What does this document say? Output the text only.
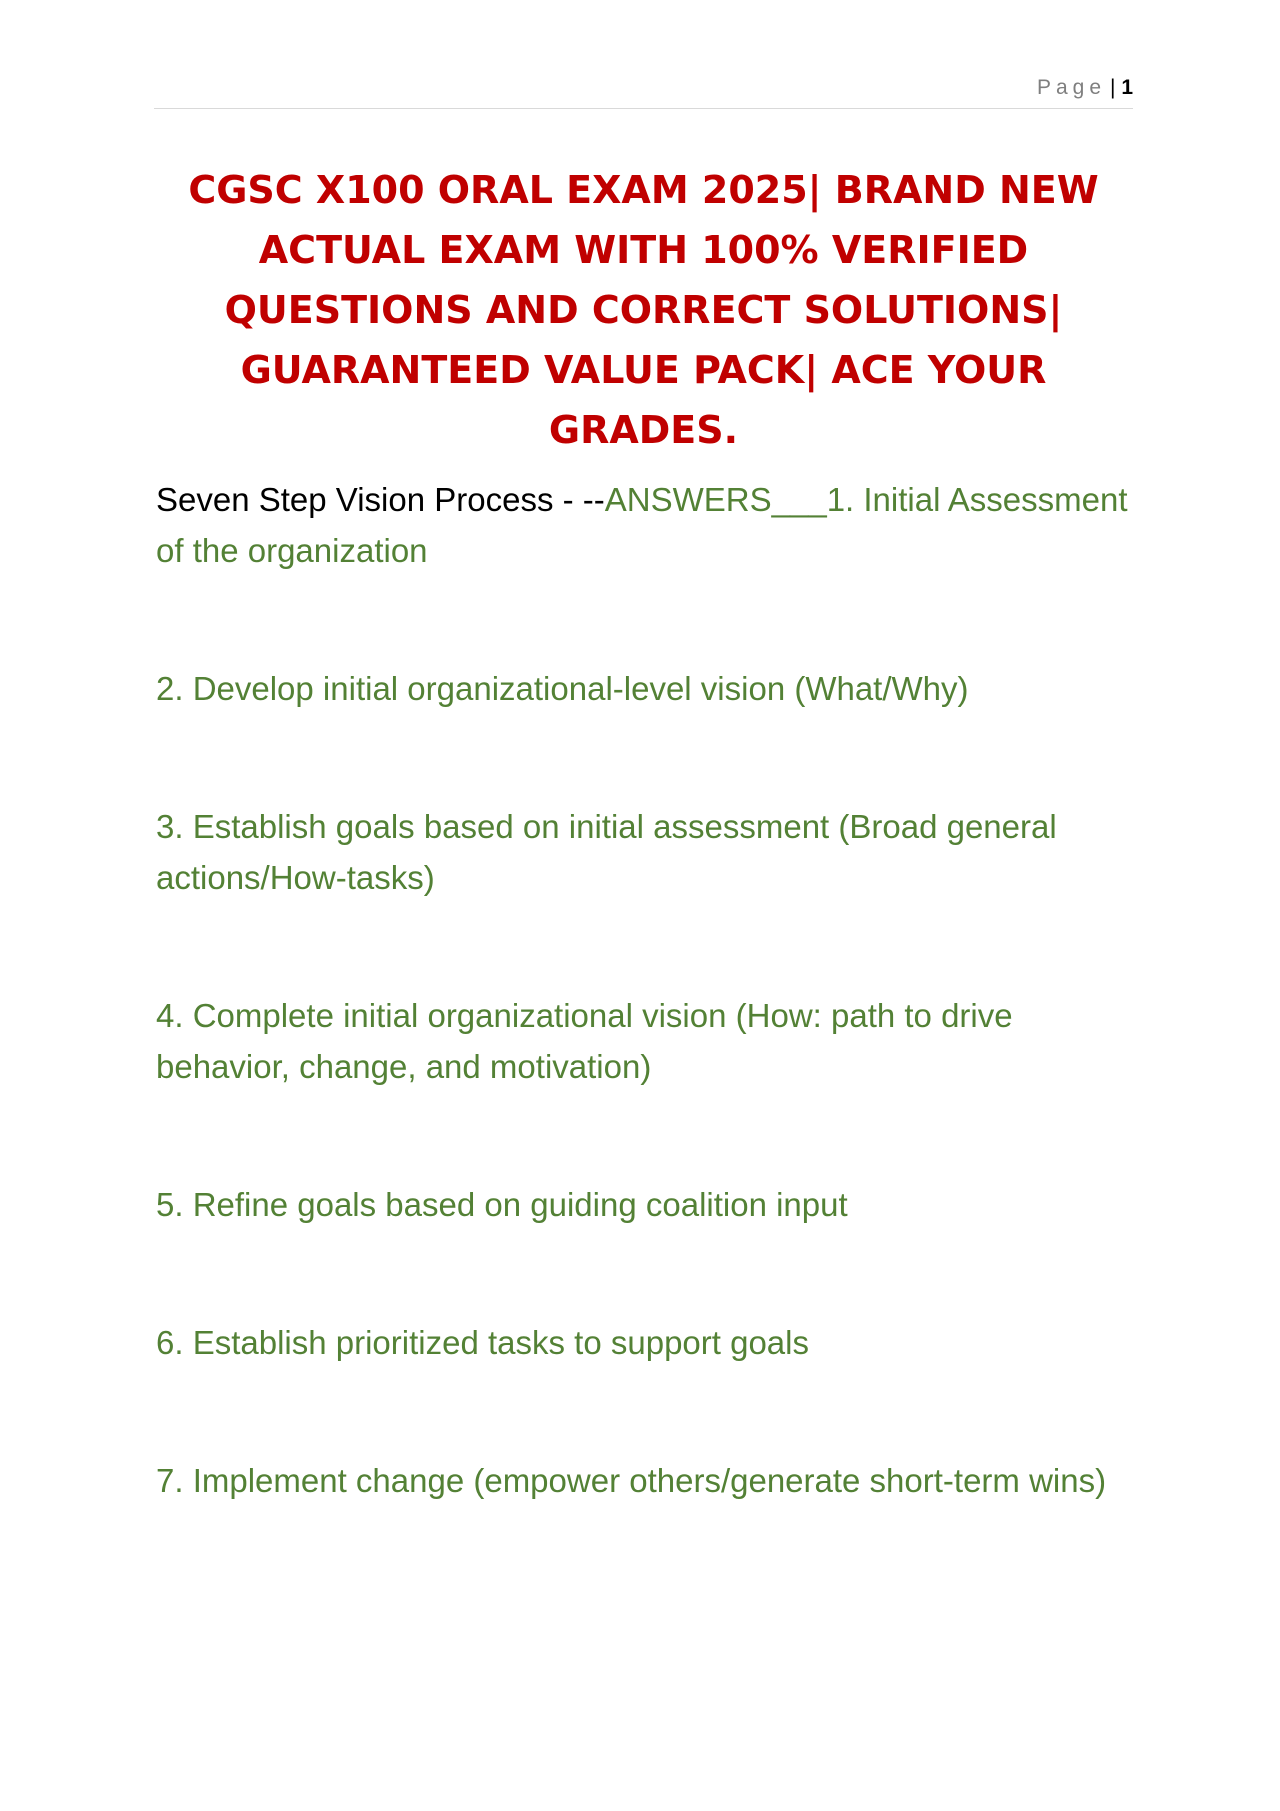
Page | 1
CGSC X100 ORAL EXAM 2025| BRAND NEW ACTUAL EXAM WITH 100% VERIFIED QUESTIONS AND CORRECT SOLUTIONS| GUARANTEED VALUE PACK| ACE YOUR GRADES.

Seven Step Vision Process - --ANSWERS___1. Initial Assessment of the organization

2. Develop initial organizational-level vision (What/Why)

3. Establish goals based on initial assessment (Broad general actions/How-tasks)

4. Complete initial organizational vision (How: path to drive behavior, change, and motivation)

5. Refine goals based on guiding coalition input

6. Establish prioritized tasks to support goals

7. Implement change (empower others/generate short-term wins)
